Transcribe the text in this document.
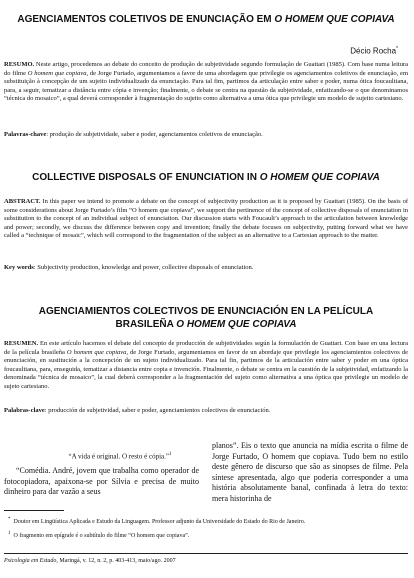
AGENCIAMENTOS COLETIVOS DE ENUNCIAÇÃO EM O HOMEM QUE COPIAVA
Décio Rocha*
RESUMO. Neste artigo, procedemos ao debate do conceito de produção de subjetividade segundo formulação de Guattari (1985). Com base numa leitura do filme O homem que copiava, de Jorge Furtado, argumentamos a favor de uma abordagem que privilegie os agenciamentos coletivos de enunciação, em substituição à concepção de um sujeito individualizado da enunciação. Para tal fim, partimos da articulação entre saber e poder, numa ótica foucaultiana, para, a seguir, tematizar a distância entre cópia e invenção; finalmente, o debate se centra na questão da subjetividade, enfatizando-se o que denominamos “técnica do mosaico”, a qual deverá corresponder à fragmentação do sujeito como alternativa a uma ótica que privilegie um modelo de sujeito cartesiano.
Palavras-chave: produção de subjetividade, saber e poder, agenciamentos coletivos de enunciação.
COLLECTIVE DISPOSALS OF ENUNCIATION IN O HOMEM QUE COPIAVA
ABSTRACT. In this paper we intend to promote a debate on the concept of subjectivity production as it is proposed by Guattari (1985). On the basis of some considerations about Jorge Furtado’s film “O homem que copiava”, we support the pertinence of the concept of collective disposals of enunciation in substitution to the concept of an individual subject of enunciation. Our discussion starts with Foucault’s approach to the articulation between knowledge and power; secondly, we discuss the difference between copy and invention; finally the debate focuses on subjectivity, putting forward what we have called a “technique of mosaic”, which will correspond to the fragmentation of the subject as an alternative to a Cartesian approach to the matter.
Key words: Subjectivity production, knowledge and power, collective disposals of enunciation.
AGENCIAMIENTOS COLECTIVOS DE ENUNCIACIÓN EN LA PELÍCULA
BRASILEÑA O HOMEM QUE COPIAVA
RESUMEN. En este artículo hacemos el debate del concepto de producción de subjetividades según la formulación de Guattari. Con base en una lectura de la película brasileña O homem que copiava, de Jorge Furtado, argumentamos en favor de un abordaje que privilegie los agenciamientos colectivos de enunciación, en sustitución a la concepción de un sujeto individualizado. Para tal fin, partimos de la articulación entre saber y poder en una óptica foucaultiana, para, enseguida, tematizar a distancia entre copia e invención. Finalmente, o debate se centra en la cuestión de la subjetividad, enfatizando la denominada “técnica de mosaico”, la cual deberá corresponder a la fragmentación del sujeto como alternativa a una óptica que privilegie un modelo de sujeto cartesiano.
Palabras-clave: producción de subjetividad, saber e poder, agenciamientos colectivos de enunciación.
“A vida é original. O resto é cópia.”$^1$

“Comédia. André, jovem que trabalha como operador de fotocopiadora, apaixona-se por Sílvia e precisa de muito dinheiro para dar vazão a seus

planos”. Eis o texto que anuncia na mídia escrita o filme de Jorge Furtado, O homem que copiava. Tudo bem no estilo deste gênero de discurso que são as sinopses de filme. Pela síntese apresentada, algo que poderia corresponder a uma história absolutamente banal, confinada à letra do texto: mera historinha de

* Doutor em Lingüística Aplicada e Estudo da Linguagem. Professor adjunto da Universidade do Estado do Rio de Janeiro.
$^1$ O fragmento em epígrafe é o subtítulo do filme “O homem que copiava”.
Psicologia em Estudo, Maringá, v. 12, n. 2, p. 403-413, maio/ago. 2007
